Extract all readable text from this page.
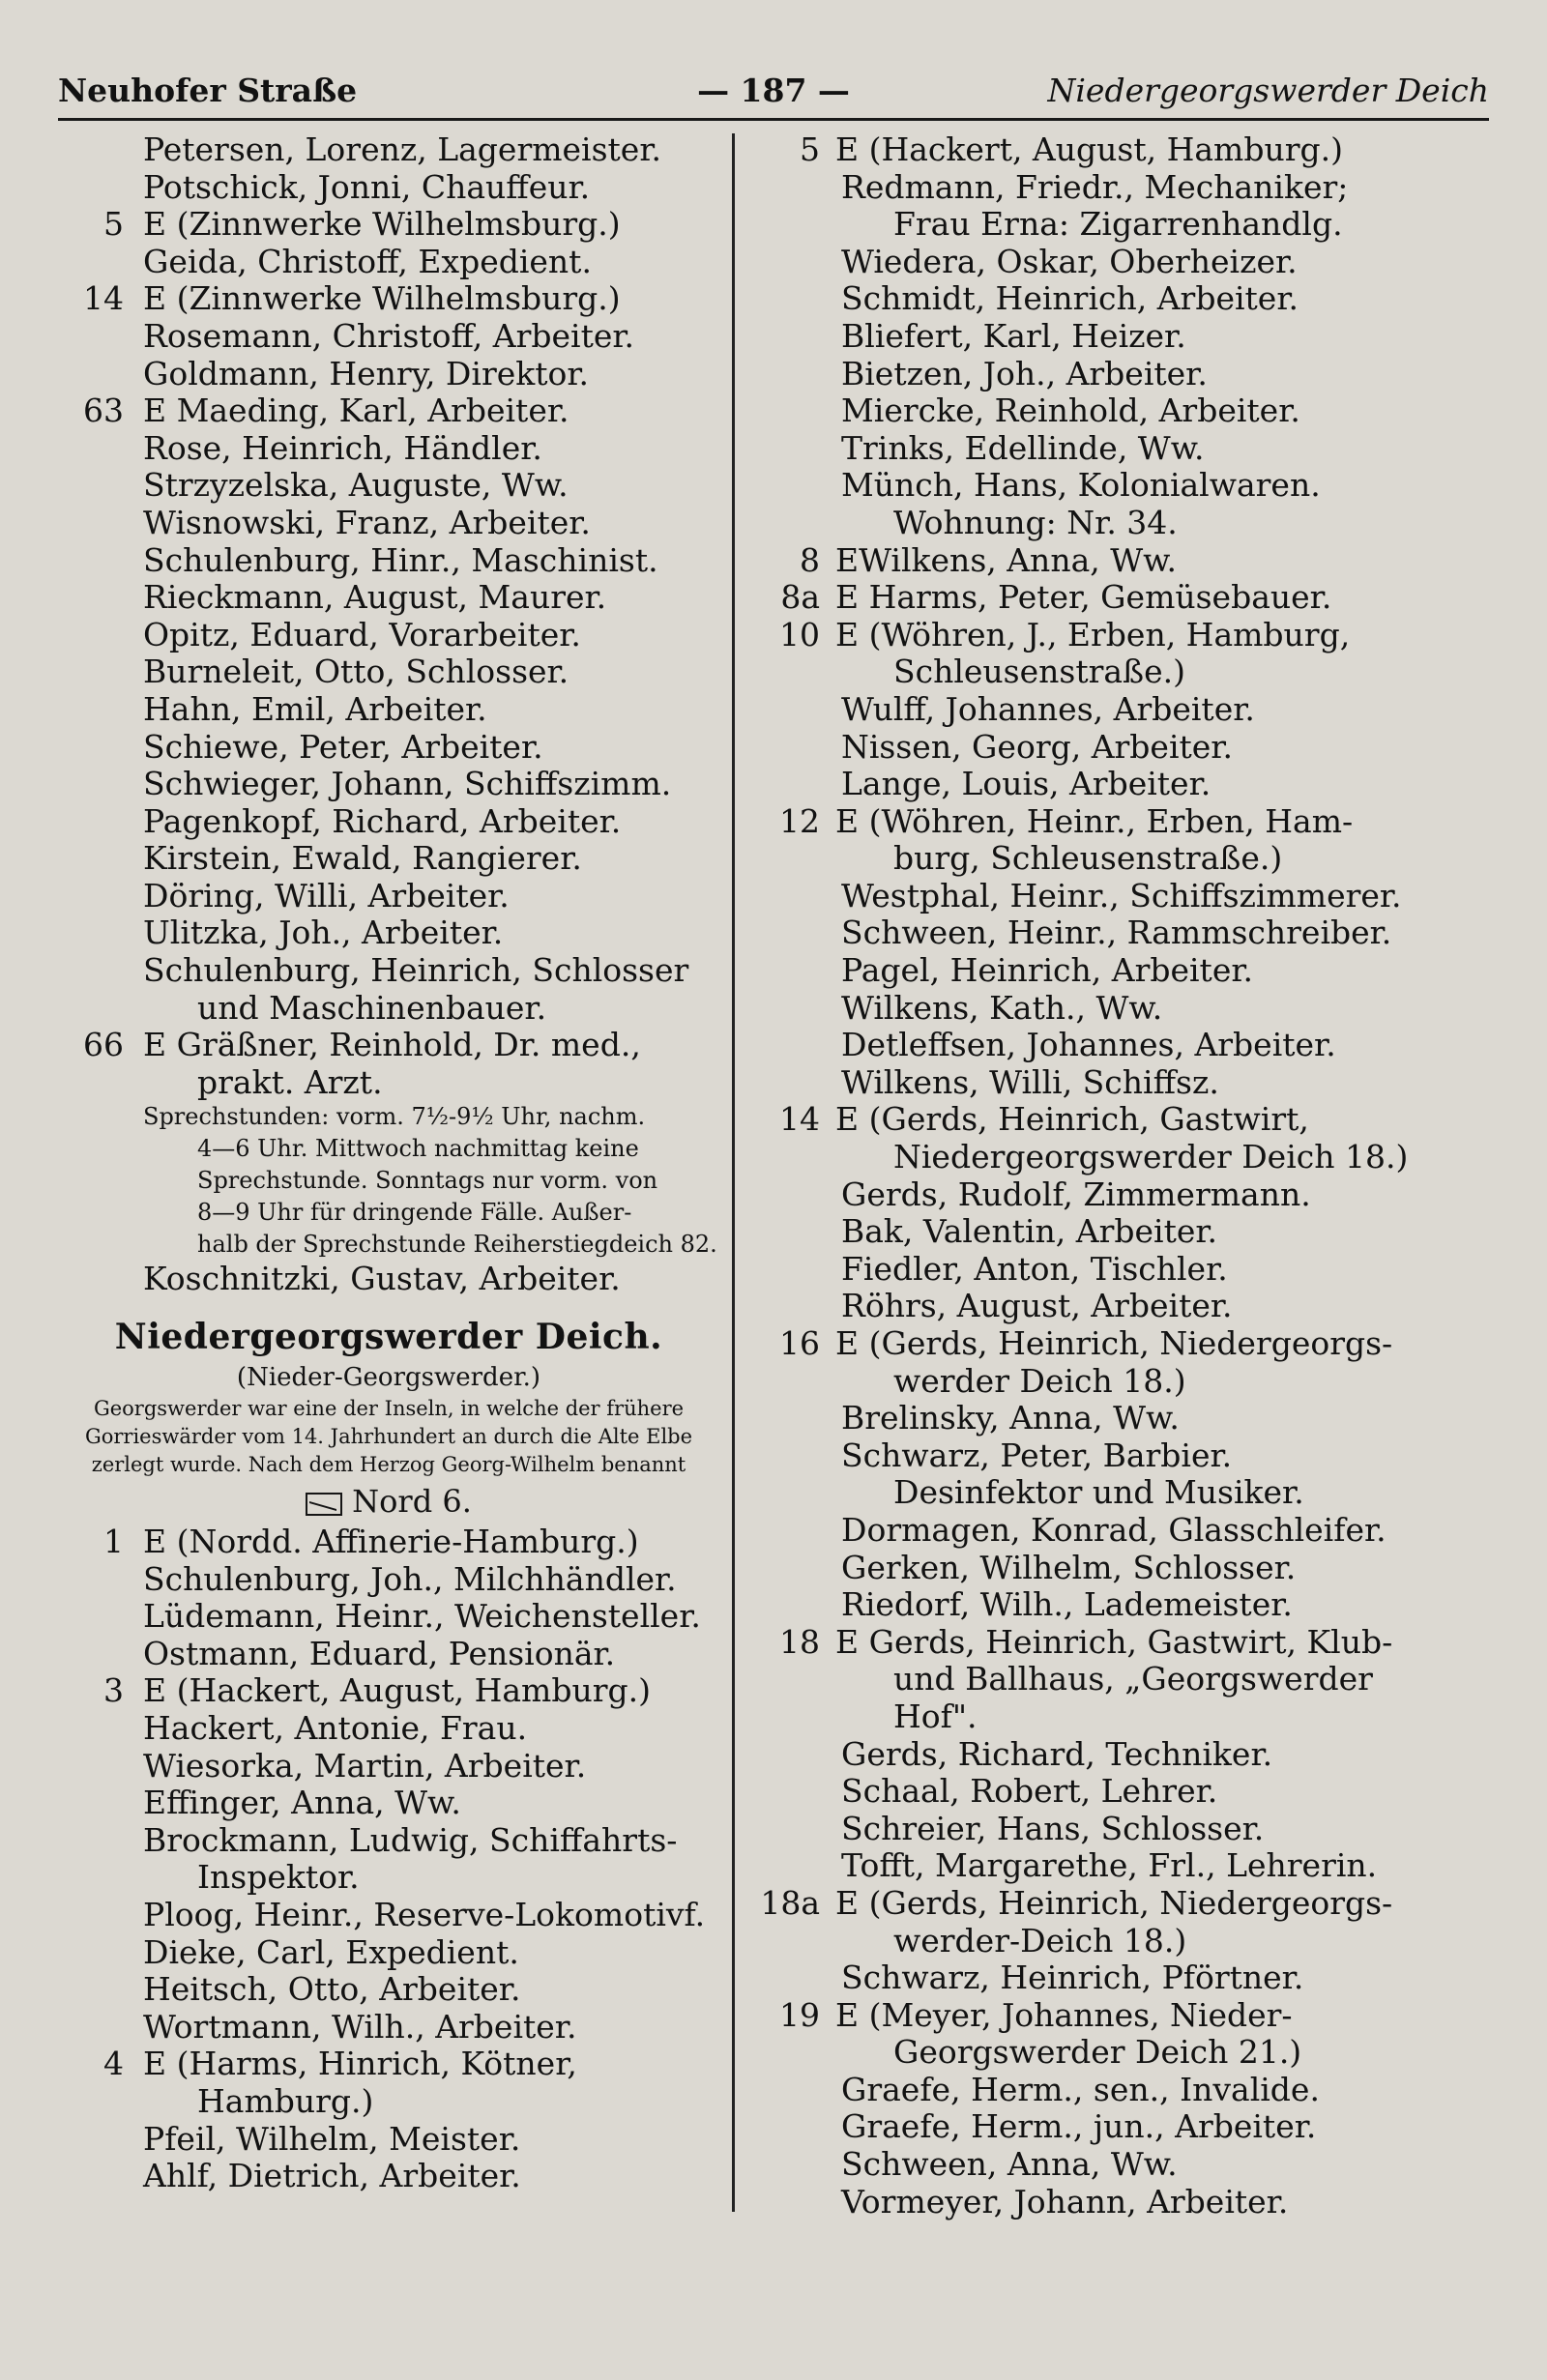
Neuhofer Straße	— 187 —	Niedergeorgswerder Deich
Petersen, Lorenz, Lagermeister.
Potschick, Jonni, Chauffeur.
5 E (Zinnwerke Wilhelmsburg.)
Geida, Christoff, Expedient.
14 E (Zinnwerke Wilhelmsburg.)
Rosemann, Christoff, Arbeiter.
Goldmann, Henry, Direktor.
63 E Maeding, Karl, Arbeiter.
Rose, Heinrich, Händler.
Strzyzelska, Auguste, Ww.
Wisnowski, Franz, Arbeiter.
Schulenburg, Hinr., Maschinist.
Rieckmann, August, Maurer.
Opitz, Eduard, Vorarbeiter.
Burneleit, Otto, Schlosser.
Hahn, Emil, Arbeiter.
Schiewe, Peter, Arbeiter.
Schwieger, Johann, Schiffszimm.
Pagenkopf, Richard, Arbeiter.
Kirstein, Ewald, Rangierer.
Döring, Willi, Arbeiter.
Ulitzka, Joh., Arbeiter.
Schulenburg, Heinrich, Schlosser
und Maschinenbauer.
66 E Gräßner, Reinhold, Dr. med.,
prakt. Arzt.
Sprechstunden: vorm. 7½-9½ Uhr, nachm.
4—6 Uhr. Mittwoch nachmittag keine
Sprechstunde. Sonntags nur vorm. von
8—9 Uhr für dringende Fälle. Außer-
halb der Sprechstunde Reiherstiegdeich 82.
Koschnitzki, Gustav, Arbeiter.
Niedergeorgswerder Deich.
(Nieder-Georgswerder.)
Georgswerder war eine der Inseln, in welche der frühere
Gorrieswärder vom 14. Jahrhundert an durch die Alte Elbe
zerlegt wurde. Nach dem Herzog Georg-Wilhelm benannt
Nord 6.
1 E (Nordd. Affinerie-Hamburg.)
Schulenburg, Joh., Milchhändler.
Lüdemann, Heinr., Weichensteller.
Ostmann, Eduard, Pensionär.
3 E (Hackert, August, Hamburg.)
Hackert, Antonie, Frau.
Wiesorka, Martin, Arbeiter.
Effinger, Anna, Ww.
Brockmann, Ludwig, Schiffahrts-
Inspektor.
Ploog, Heinr., Reserve-Lokomotivf.
Dieke, Carl, Expedient.
Heitsch, Otto, Arbeiter.
Wortmann, Wilh., Arbeiter.
4 E (Harms, Hinrich, Kötner,
Hamburg.)
Pfeil, Wilhelm, Meister.
Ahlf, Dietrich, Arbeiter.
5 E (Hackert, August, Hamburg.)
Redmann, Friedr., Mechaniker;
Frau Erna: Zigarrenhandlg.
Wiedera, Oskar, Oberheizer.
Schmidt, Heinrich, Arbeiter.
Bliefert, Karl, Heizer.
Bietzen, Joh., Arbeiter.
Miercke, Reinhold, Arbeiter.
Trinks, Edellinde, Ww.
Münch, Hans, Kolonialwaren.
Wohnung: Nr. 34.
8 EWilkens, Anna, Ww.
8a E Harms, Peter, Gemüsebauer.
10 E (Wöhren, J., Erben, Hamburg,
Schleusenstraße.)
Wulff, Johannes, Arbeiter.
Nissen, Georg, Arbeiter.
Lange, Louis, Arbeiter.
12 E (Wöhren, Heinr., Erben, Ham-
burg, Schleusenstraße.)
Westphal, Heinr., Schiffszimmerer.
Schween, Heinr., Rammschreiber.
Pagel, Heinrich, Arbeiter.
Wilkens, Kath., Ww.
Detleffsen, Johannes, Arbeiter.
Wilkens, Willi, Schiffsz.
14 E (Gerds, Heinrich, Gastwirt,
Niedergeorgswerder Deich 18.)
Gerds, Rudolf, Zimmermann.
Bak, Valentin, Arbeiter.
Fiedler, Anton, Tischler.
Röhrs, August, Arbeiter.
16 E (Gerds, Heinrich, Niedergeorgs-
werder Deich 18.)
Brelinsky, Anna, Ww.
Schwarz, Peter, Barbier.
Desinfektor und Musiker.
Dormagen, Konrad, Glasschleifer.
Gerken, Wilhelm, Schlosser.
Riedorf, Wilh., Lademeister.
18 E Gerds, Heinrich, Gastwirt, Klub-
und Ballhaus, „Georgswerder
Hof".
Gerds, Richard, Techniker.
Schaal, Robert, Lehrer.
Schreier, Hans, Schlosser.
Tofft, Margarethe, Frl., Lehrerin.
18a E (Gerds, Heinrich, Niedergeorgs-
werder-Deich 18.)
Schwarz, Heinrich, Pförtner.
19 E (Meyer, Johannes, Nieder-
Georgswerder Deich 21.)
Graefe, Herm., sen., Invalide.
Graefe, Herm., jun., Arbeiter.
Schween, Anna, Ww.
Vormeyer, Johann, Arbeiter.
